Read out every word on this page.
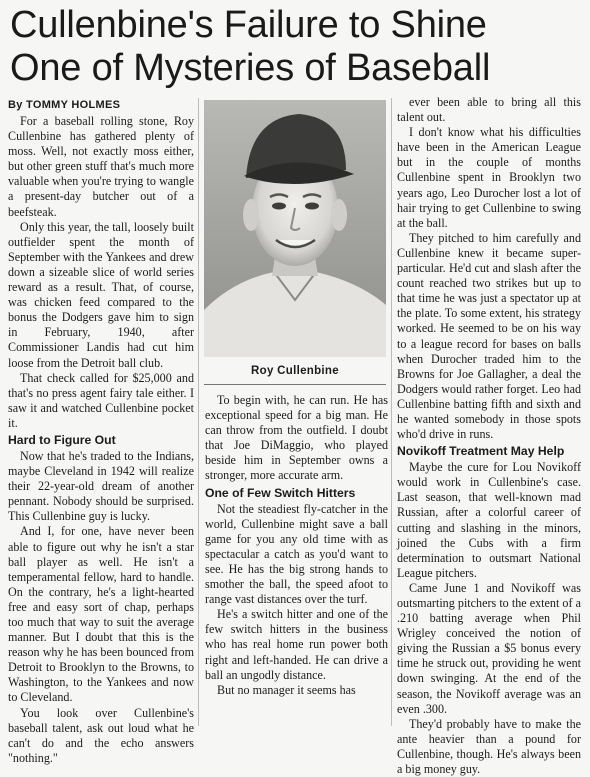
Cullenbine's Failure to Shine
One of Mysteries of Baseball
By TOMMY HOLMES

For a baseball rolling stone, Roy Cullenbine has gathered plenty of moss. Well, not exactly moss either, but other green stuff that's much more valuable when you're trying to wangle a present-day butcher out of a beefsteak.

Only this year, the tall, loosely built outfielder spent the month of September with the Yankees and drew down a sizeable slice of world series reward as a result. That, of course, was chicken feed compared to the bonus the Dodgers gave him to sign in February, 1940, after Commissioner Landis had cut him loose from the Detroit ball club.

That check called for $25,000 and that's no press agent fairy tale either. I saw it and watched Cullenbine pocket it.

Hard to Figure Out

Now that he's traded to the Indians, maybe Cleveland in 1942 will realize their 22-year-old dream of another pennant. Nobody should be surprised. This Cullenbine guy is lucky.

And I, for one, have never been able to figure out why he isn't a star ball player as well. He isn't a temperamental fellow, hard to handle. On the contrary, he's a light-hearted free and easy sort of chap, perhaps too much that way to suit the average manner. But I doubt that this is the reason why he has been bounced from Detroit to Brooklyn to the Browns, to Washington, to the Yankees and now to Cleveland.

You look over Cullenbine's baseball talent, ask out loud what he can't do and the echo answers "nothing."

Roy Cullenbine

To begin with, he can run. He has exceptional speed for a big man. He can throw from the outfield. I doubt that Joe DiMaggio, who played beside him in September owns a stronger, more accurate arm.

One of Few Switch Hitters

Not the steadiest fly-catcher in the world, Cullenbine might save a ball game for you any old time with as spectacular a catch as you'd want to see. He has the big strong hands to smother the ball, the speed afoot to range vast distances over the turf.

He's a switch hitter and one of the few switch hitters in the business who has real home run power both right and left-handed. He can drive a ball an ungodly distance.

But no manager it seems has

ever been able to bring all this talent out.

I don't know what his difficulties have been in the American League but in the couple of months Cullenbine spent in Brooklyn two years ago, Leo Durocher lost a lot of hair trying to get Cullenbine to swing at the ball.

They pitched to him carefully and Cullenbine knew it became super-particular. He'd cut and slash after the count reached two strikes but up to that time he was just a spectator up at the plate. To some extent, his strategy worked. He seemed to be on his way to a league record for bases on balls when Durocher traded him to the Browns for Joe Gallagher, a deal the Dodgers would rather forget. Leo had Cullenbine batting fifth and sixth and he wanted somebody in those spots who'd drive in runs.

Novikoff Treatment May Help

Maybe the cure for Lou Novikoff would work in Cullenbine's case. Last season, that well-known mad Russian, after a colorful career of cutting and slashing in the minors, joined the Cubs with a firm determination to outsmart National League pitchers.

Came June 1 and Novikoff was outsmarting pitchers to the extent of a .210 batting average when Phil Wrigley conceived the notion of giving the Russian a $5 bonus every time he struck out, providing he went down swinging. At the end of the season, the Novikoff average was an even .300.

They'd probably have to make the ante heavier than a pound for Cullenbine, though. He's always been a big money guy.
